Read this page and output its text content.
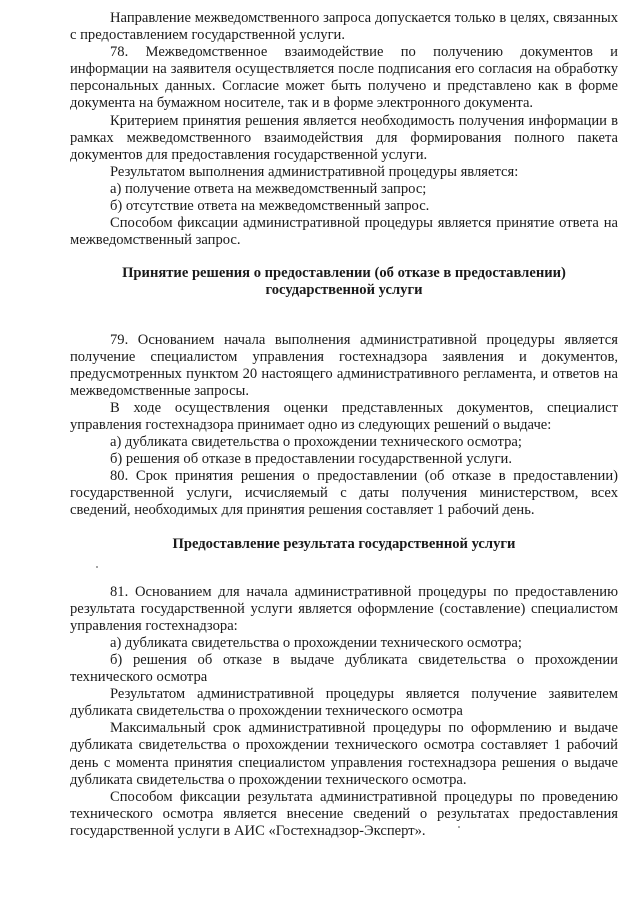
Направление межведомственного запроса допускается только в целях, связанных с предоставлением государственной услуги.

78. Межведомственное взаимодействие по получению документов и информации на заявителя осуществляется после подписания его согласия на обработку персональных данных. Согласие может быть получено и представлено как в форме документа на бумажном носителе, так и в форме электронного документа.

Критерием принятия решения является необходимость получения информации в рамках межведомственного взаимодействия для формирования полного пакета документов для предоставления государственной услуги.

Результатом выполнения административной процедуры является:

а) получение ответа на межведомственный запрос;

б) отсутствие ответа на межведомственный запрос.

Способом фиксации административной процедуры является принятие ответа на межведомственный запрос.

Принятие решения о предоставлении (об отказе в предоставлении) государственной услуги

79. Основанием начала выполнения административной процедуры является получение специалистом управления гостехнадзора заявления и документов, предусмотренных пунктом 20 настоящего административного регламента, и ответов на межведомственные запросы.

В ходе осуществления оценки представленных документов, специалист управления гостехнадзора принимает одно из следующих решений о выдаче:

а) дубликата свидетельства о прохождении технического осмотра;

б) решения об отказе в предоставлении государственной услуги.

80. Срок принятия решения о предоставлении (об отказе в предоставлении) государственной услуги, исчисляемый с даты получения министерством, всех сведений, необходимых для принятия решения составляет 1 рабочий день.

Предоставление результата государственной услуги

81. Основанием для начала административной процедуры по предоставлению результата государственной услуги является оформление (составление) специалистом управления гостехнадзора:

а) дубликата свидетельства о прохождении технического осмотра;

б) решения об отказе в выдаче дубликата свидетельства о прохождении технического осмотра

Результатом административной процедуры является получение заявителем дубликата свидетельства о прохождении технического осмотра

Максимальный срок административной процедуры по оформлению и выдаче дубликата свидетельства о прохождении технического осмотра составляет 1 рабочий день с момента принятия специалистом управления гостехнадзора решения о выдаче дубликата свидетельства о прохождении технического осмотра.

Способом фиксации результата административной процедуры по проведению технического осмотра является внесение сведений о результатах предоставления государственной услуги в АИС «Гостехнадзор-Эксперт».
